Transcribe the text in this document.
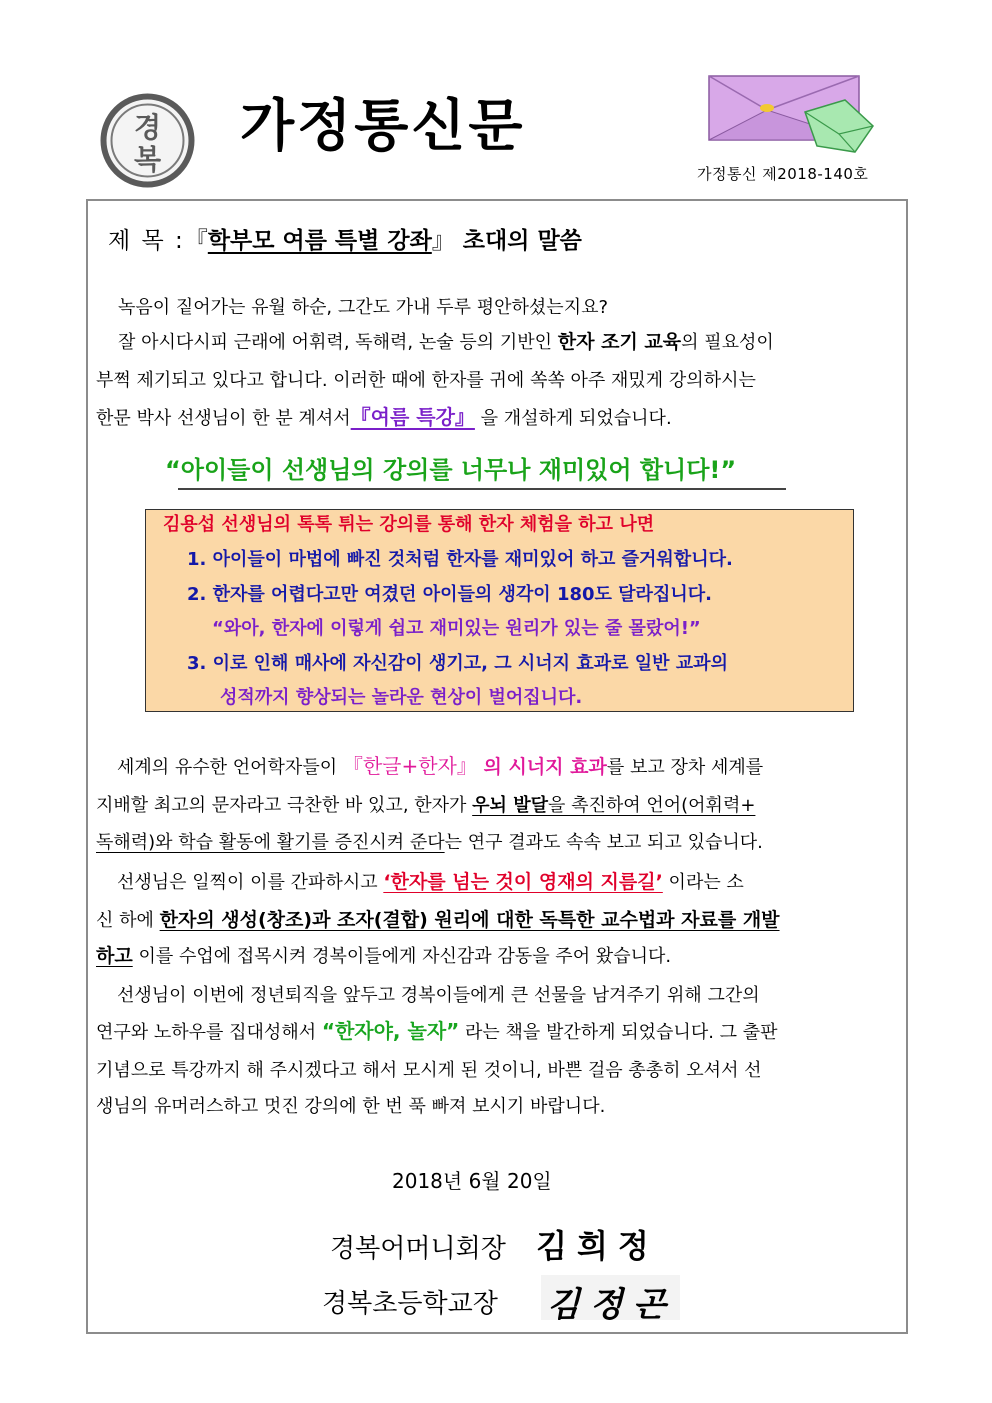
경
복
가정통신문
가정통신 제2018-140호
제 목 :『학부모 여름 특별 강좌』 초대의 말씀
녹음이 짙어가는 유월 하순, 그간도 가내 두루 평안하셨는지요?
잘 아시다시피 근래에 어휘력, 독해력, 논술 등의 기반인 한자 조기 교육의 필요성이
부쩍 제기되고 있다고 합니다. 이러한 때에 한자를 귀에 쏙쏙 아주 재밌게 강의하시는
한문 박사 선생님이 한 분 계셔서『여름 특강』 을 개설하게 되었습니다.
“아이들이 선생님의 강의를 너무나 재미있어 합니다!”
김용섭 선생님의 톡톡 튀는 강의를 통해 한자 체험을 하고 나면
1. 아이들이 마법에 빠진 것처럼 한자를 재미있어 하고 즐거워합니다.
2. 한자를 어렵다고만 여겼던 아이들의 생각이 180도 달라집니다.
“와아, 한자에 이렇게 쉽고 재미있는 원리가 있는 줄 몰랐어!”
3. 이로 인해 매사에 자신감이 생기고, 그 시너지 효과로 일반 교과의
성적까지 향상되는 놀라운 현상이 벌어집니다.
세계의 유수한 언어학자들이 『한글+한자』 의 시너지 효과를 보고 장차 세계를
지배할 최고의 문자라고 극찬한 바 있고, 한자가 우뇌 발달을 촉진하여 언어(어휘력+
독해력)와 학습 활동에 활기를 증진시켜 준다는 연구 결과도 속속 보고 되고 있습니다.
선생님은 일찍이 이를 간파하시고 ‘한자를 넘는 것이 영재의 지름길’ 이라는 소
신 하에 한자의 생성(창조)과 조자(결합) 원리에 대한 독특한 교수법과 자료를 개발
하고 이를 수업에 접목시켜 경복이들에게 자신감과 감동을 주어 왔습니다.
선생님이 이번에 정년퇴직을 앞두고 경복이들에게 큰 선물을 남겨주기 위해 그간의
연구와 노하우를 집대성해서 “한자야, 놀자” 라는 책을 발간하게 되었습니다. 그 출판
기념으로 특강까지 해 주시겠다고 해서 모시게 된 것이니, 바쁜 걸음 총총히 오셔서 선
생님의 유머러스하고 멋진 강의에 한 번 푹 빠져 보시기 바랍니다.
2018년 6월 20일
경복어머니회장 김희정
경복초등학교장 김정곤
